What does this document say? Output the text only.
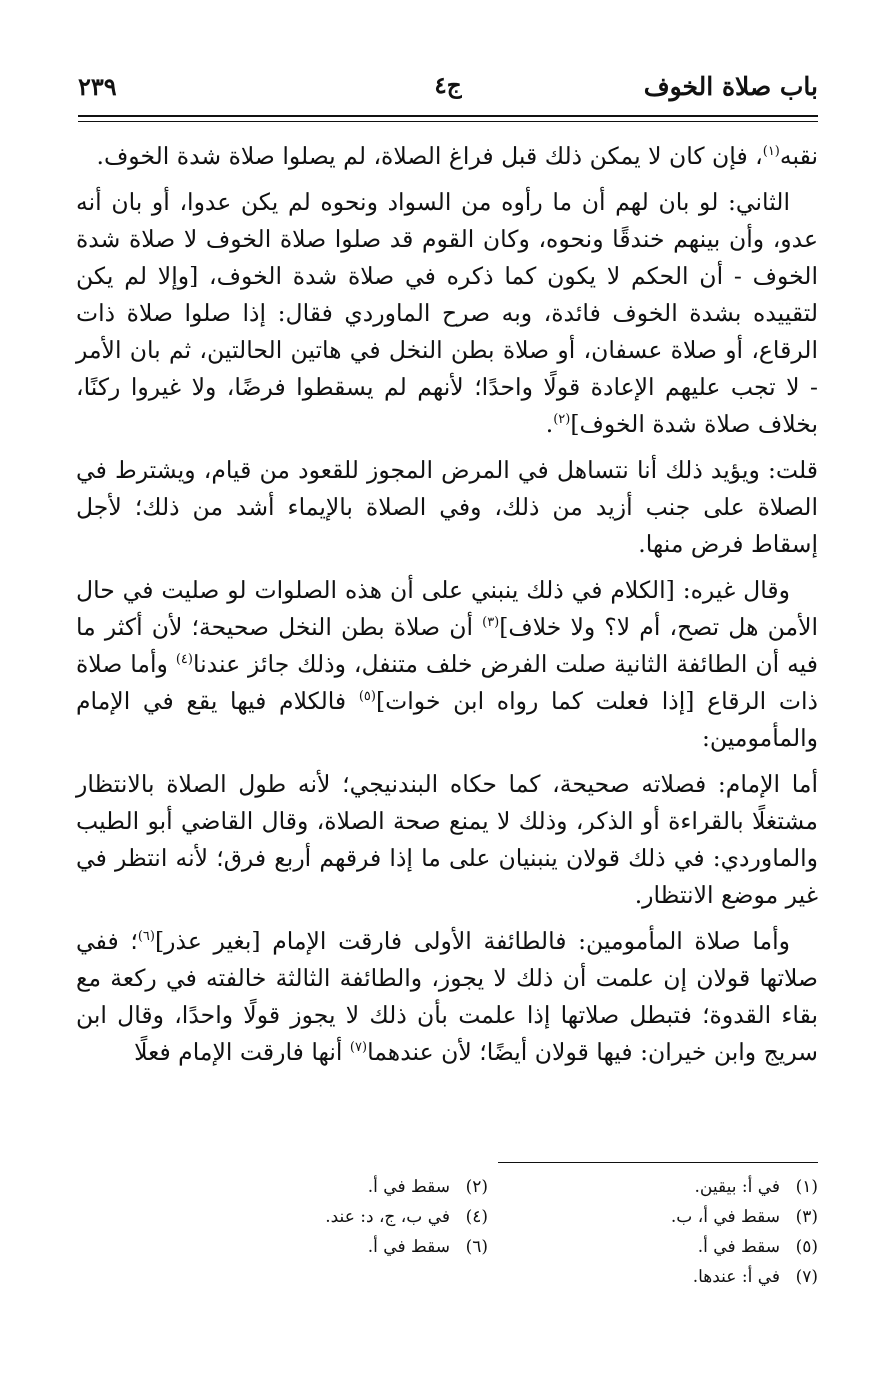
باب صلاة الخوف
ج٤
٢٣٩

نقبه$^{(١)}$، فإن كان لا يمكن ذلك قبل فراغ الصلاة، لم يصلوا صلاة شدة الخوف.

الثاني: لو بان لهم أن ما رأوه من السواد ونحوه لم يكن عدوا، أو بان أنه عدو، وأن بينهم خندقًا ونحوه، وكان القوم قد صلوا صلاة الخوف لا صلاة شدة الخوف - أن الحكم لا يكون كما ذكره في صلاة شدة الخوف، [وإلا لم يكن لتقييده بشدة الخوف فائدة، وبه صرح الماوردي فقال: إذا صلوا صلاة ذات الرقاع، أو صلاة عسفان، أو صلاة بطن النخل في هاتين الحالتين، ثم بان الأمر - لا تجب عليهم الإعادة قولًا واحدًا؛ لأنهم لم يسقطوا فرضًا، ولا غيروا ركنًا، بخلاف صلاة شدة الخوف]$^{(٢)}$.

قلت: ويؤيد ذلك أنا نتساهل في المرض المجوز للقعود من قيام، ويشترط في الصلاة على جنب أزيد من ذلك، وفي الصلاة بالإيماء أشد من ذلك؛ لأجل إسقاط فرض منها.

وقال غيره: [الكلام في ذلك ينبني على أن هذه الصلوات لو صليت في حال الأمن هل تصح، أم لا؟ ولا خلاف]$^{(٣)}$ أن صلاة بطن النخل صحيحة؛ لأن أكثر ما فيه أن الطائفة الثانية صلت الفرض خلف متنفل، وذلك جائز عندنا$^{(٤)}$ وأما صلاة ذات الرقاع [إذا فعلت كما رواه ابن خوات]$^{(٥)}$ فالكلام فيها يقع في الإمام والمأمومين:

أما الإمام: فصلاته صحيحة، كما حكاه البندنيجي؛ لأنه طول الصلاة بالانتظار مشتغلًا بالقراءة أو الذكر، وذلك لا يمنع صحة الصلاة، وقال القاضي أبو الطيب والماوردي: في ذلك قولان ينبنيان على ما إذا فرقهم أربع فرق؛ لأنه انتظر في غير موضع الانتظار.

وأما صلاة المأمومين: فالطائفة الأولى فارقت الإمام [بغير عذر]$^{(٦)}$؛ ففي صلاتها قولان إن علمت أن ذلك لا يجوز، والطائفة الثالثة خالفته في ركعة مع بقاء القدوة؛ فتبطل صلاتها إذا علمت بأن ذلك لا يجوز قولًا واحدًا، وقال ابن سريج وابن خيران: فيها قولان أيضًا؛ لأن عندهما$^{(٧)}$ أنها فارقت الإمام فعلًا

(١)في أ: بيقين.
(٣)سقط في أ، ب.
(٥)سقط في أ.
(٧)في أ: عندها.
(٢)سقط في أ.
(٤)في ب، ج، د: عند.
(٦)سقط في أ.
